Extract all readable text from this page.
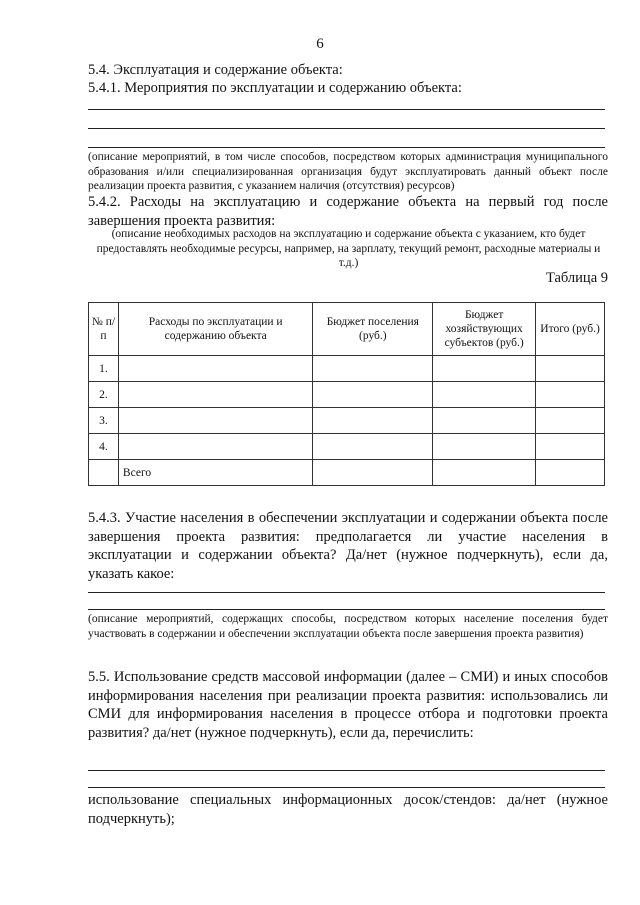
6
5.4. Эксплуатация и содержание объекта:
5.4.1. Мероприятия по эксплуатации и содержанию объекта:
(описание мероприятий, в том числе способов, посредством которых администрация муниципального образования и/или специализированная организация будут эксплуатировать данный объект после реализации проекта развития, с указанием наличия (отсутствия) ресурсов)
5.4.2. Расходы на эксплуатацию и содержание объекта на первый год после завершения проекта развития:
(описание необходимых расходов на эксплуатацию и содержание объекта с указанием, кто будет предоставлять необходимые ресурсы, например, на зарплату, текущий ремонт, расходные материалы и т.д.)
Таблица 9
№ п/п	Расходы по эксплуатации и содержанию объекта	Бюджет поселения (руб.)	Бюджет хозяйствующих субъектов (руб.)	Итого (руб.)
1.				
2.				
3.				
4.				
	Всего			
5.4.3. Участие населения в обеспечении эксплуатации и содержании объекта после завершения проекта развития: предполагается ли участие населения в эксплуатации и содержании объекта? Да/нет (нужное подчеркнуть), если да, указать какое:
(описание мероприятий, содержащих способы, посредством которых население поселения будет участвовать в содержании и обеспечении эксплуатации объекта после завершения проекта развития)
5.5. Использование средств массовой информации (далее – СМИ) и иных способов информирования населения при реализации проекта развития: использовались ли СМИ для информирования населения в процессе отбора и подготовки проекта развития? да/нет (нужное подчеркнуть), если да, перечислить:
использование специальных информационных досок/стендов: да/нет (нужное подчеркнуть);
